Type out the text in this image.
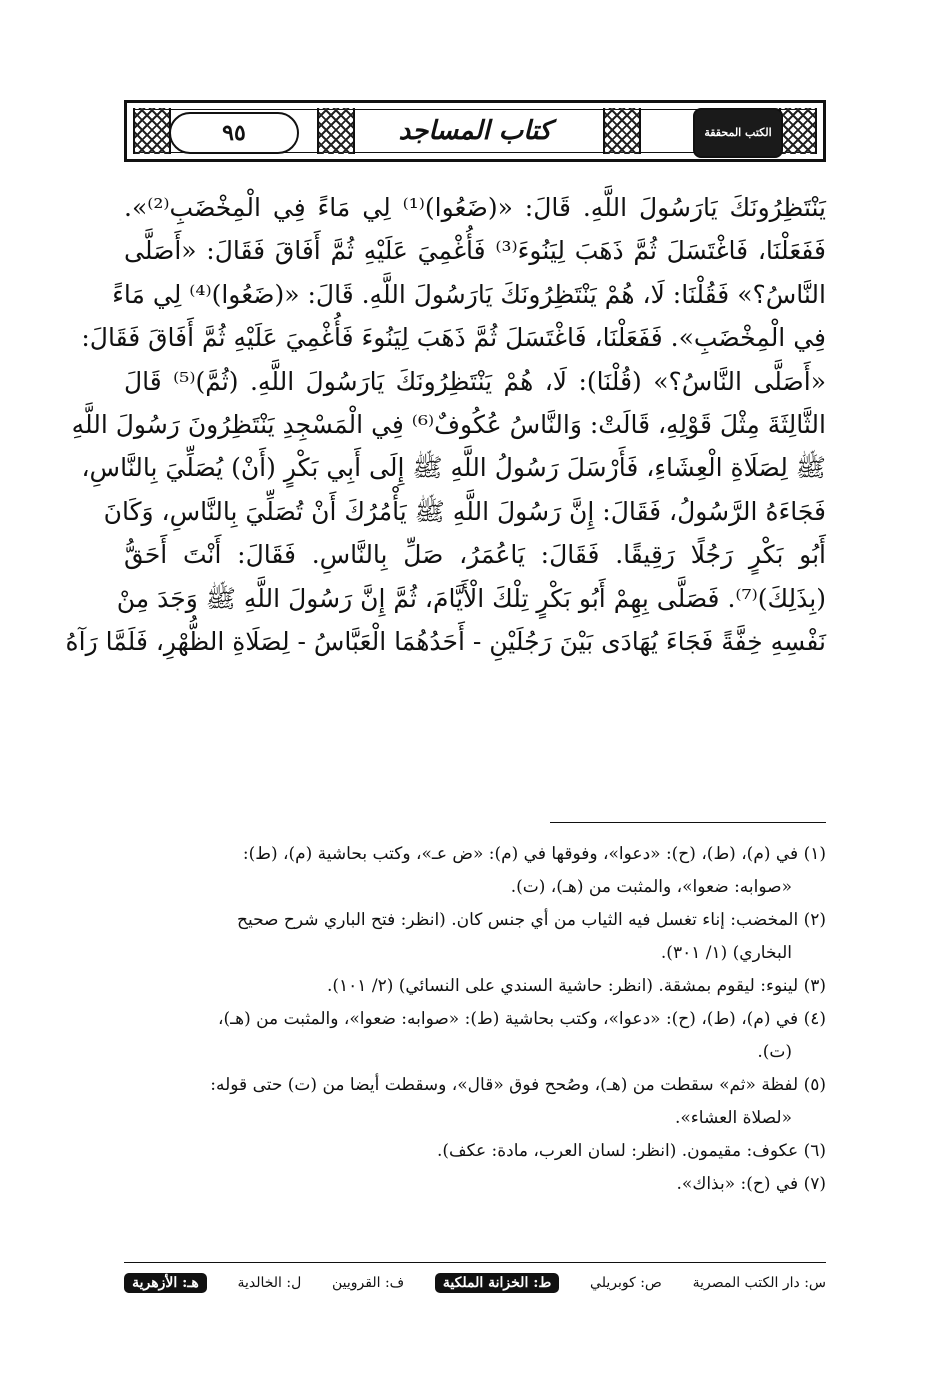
٩٥	كتاب المساجد	الكتب المحققة
يَنْتَظِرُونَكَ يَارَسُولَ اللَّهِ. قَالَ: «(ضَعُوا)⁽¹⁾ لِي مَاءً فِي الْمِخْضَبِ⁽²⁾».
فَفَعَلْنَا، فَاغْتَسَلَ ثُمَّ ذَهَبَ لِيَنُوءَ⁽³⁾ فَأُغْمِيَ عَلَيْهِ ثُمَّ أَفَاقَ فَقَالَ: «أَصَلَّى
النَّاسُ؟» فَقُلْنَا: لَا، هُمْ يَنْتَظِرُونَكَ يَارَسُولَ اللَّهِ. قَالَ: «(ضَعُوا)⁽⁴⁾ لِي مَاءً
فِي الْمِخْضَبِ». فَفَعَلْنَا، فَاغْتَسَلَ ثُمَّ ذَهَبَ لِيَنُوءَ فَأُغْمِيَ عَلَيْهِ ثُمَّ أَفَاقَ فَقَالَ:
«أَصَلَّى النَّاسُ؟» (قُلْنَا): لَا، هُمْ يَنْتَظِرُونَكَ يَارَسُولَ اللَّهِ. (ثُمَّ)⁽⁵⁾ قَالَ
الثَّالِثَةَ مِثْلَ قَوْلِهِ، قَالَتْ: وَالنَّاسُ عُكُوفٌ⁽⁶⁾ فِي الْمَسْجِدِ يَنْتَظِرُونَ رَسُولَ اللَّهِ
ﷺ لِصَلَاةِ الْعِشَاءِ، فَأَرْسَلَ رَسُولُ اللَّهِ ﷺ إِلَى أَبِي بَكْرٍ (أَنْ) يُصَلِّيَ بِالنَّاسِ،
فَجَاءَهُ الرَّسُولُ، فَقَالَ: إِنَّ رَسُولَ اللَّهِ ﷺ يَأْمُرُكَ أَنْ تُصَلِّيَ بِالنَّاسِ، وَكَانَ
أَبُو بَكْرٍ رَجُلًا رَقِيقًا. فَقَالَ: يَاعُمَرُ، صَلِّ بِالنَّاسِ. فَقَالَ: أَنْتَ أَحَقُّ
(بِذَلِكَ)⁽⁷⁾. فَصَلَّى بِهِمْ أَبُو بَكْرٍ تِلْكَ الْأَيَّامَ، ثُمَّ إِنَّ رَسُولَ اللَّهِ ﷺ وَجَدَ مِنْ
نَفْسِهِ خِفَّةً فَجَاءَ يُهَادَى بَيْنَ رَجُلَيْنِ - أَحَدُهُمَا الْعَبَّاسُ - لِصَلَاةِ الظُّهْرِ، فَلَمَّا رَآهُ
(١) في (م)، (ط)، (ح): «دعوا»، وفوقها في (م): «ض عـ»، وكتب بحاشية (م)، (ط):
«صوابه: ضعوا»، والمثبت من (هـ)، (ت).
(٢) المخضب: إناء تغسل فيه الثياب من أي جنس كان. (انظر: فتح الباري شرح صحيح
البخاري) (١/ ٣٠١).
(٣) لينوء: ليقوم بمشقة. (انظر: حاشية السندي على النسائي) (٢/ ١٠١).
(٤) في (م)، (ط)، (ح): «دعوا»، وكتب بحاشية (ط): «صوابه: ضعوا»، والمثبت من (هـ)،
(ت).
(٥) لفظة «ثم» سقطت من (هـ)، وصُحح فوق «قال»، وسقطت أيضا من (ت) حتى قوله:
«لصلاة العشاء».
(٦) عكوف: مقيمون. (انظر: لسان العرب، مادة: عكف).
(٧) في (ح): «بذاك».
س: دار الكتب المصرية
ص: كوبريلي
ط: الخزانة الملكية
ف: القرويين
ل: الخالدية
هـ: الأزهرية
